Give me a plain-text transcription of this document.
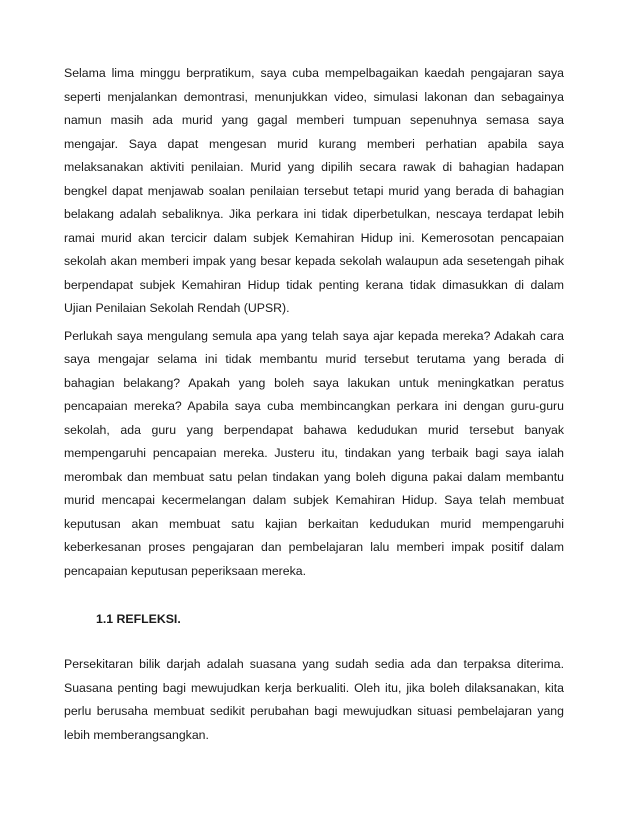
Selama lima minggu berpratikum, saya cuba mempelbagaikan kaedah pengajaran saya seperti menjalankan demontrasi, menunjukkan video, simulasi lakonan dan sebagainya namun masih ada murid yang gagal memberi tumpuan sepenuhnya semasa saya mengajar. Saya dapat mengesan murid kurang memberi perhatian apabila saya melaksanakan aktiviti penilaian. Murid yang dipilih secara rawak di bahagian hadapan bengkel dapat menjawab soalan penilaian tersebut tetapi murid yang berada di bahagian belakang adalah sebaliknya. Jika perkara ini tidak diperbetulkan, nescaya terdapat lebih ramai murid akan tercicir dalam subjek Kemahiran Hidup ini. Kemerosotan pencapaian sekolah akan memberi impak yang besar kepada sekolah walaupun ada sesetengah pihak berpendapat subjek Kemahiran Hidup tidak penting kerana tidak dimasukkan di dalam Ujian Penilaian Sekolah Rendah (UPSR).

Perlukah saya mengulang semula apa yang telah saya ajar kepada mereka? Adakah cara saya mengajar selama ini tidak membantu murid tersebut terutama yang berada di bahagian belakang? Apakah yang boleh saya lakukan untuk meningkatkan peratus pencapaian mereka? Apabila saya cuba membincangkan perkara ini dengan guru-guru sekolah, ada guru yang berpendapat bahawa kedudukan murid tersebut banyak mempengaruhi pencapaian mereka. Justeru itu, tindakan yang terbaik bagi saya ialah merombak dan membuat satu pelan tindakan yang boleh diguna pakai dalam membantu murid mencapai kecermelangan dalam subjek Kemahiran Hidup. Saya telah membuat keputusan akan membuat satu kajian berkaitan kedudukan murid mempengaruhi keberkesanan proses pengajaran dan pembelajaran lalu memberi impak positif dalam pencapaian keputusan peperiksaan mereka.

1.1 REFLEKSI.

Persekitaran bilik darjah adalah suasana yang sudah sedia ada dan terpaksa diterima. Suasana penting bagi mewujudkan kerja berkualiti. Oleh itu, jika boleh dilaksanakan, kita perlu berusaha membuat sedikit perubahan bagi mewujudkan situasi pembelajaran yang lebih memberangsangkan.
